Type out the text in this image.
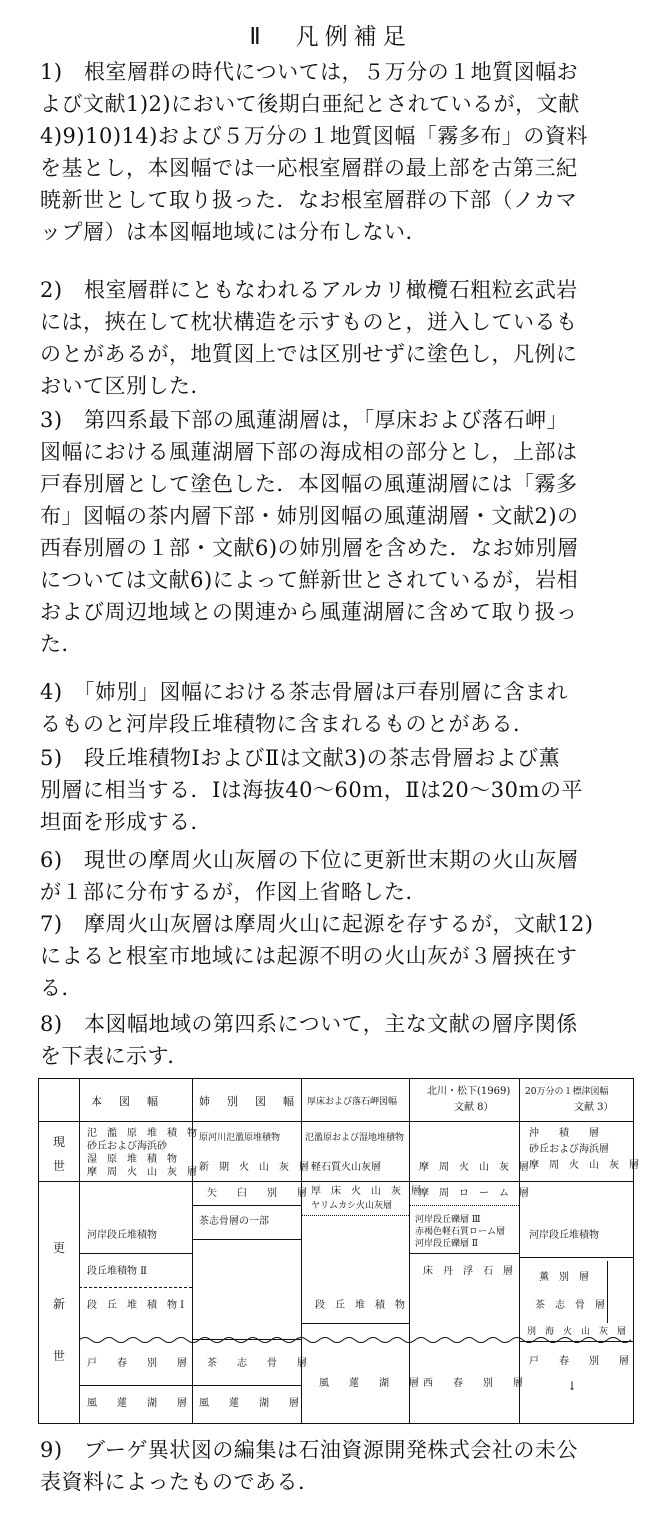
Ⅱ　凡例補足
1)　根室層群の時代については，５万分の１地質図幅お
よび文献1)2)において後期白亜紀とされているが，文献
4)9)10)14)および５万分の１地質図幅「霧多布」の資料
を基とし，本図幅では一応根室層群の最上部を古第三紀
暁新世として取り扱った．なお根室層群の下部（ノカマ
ップ層）は本図幅地域には分布しない．
2)　根室層群にともなわれるアルカリ橄欖石粗粒玄武岩
には，挾在して枕状構造を示すものと，迸入しているも
のとがあるが，地質図上では区別せずに塗色し，凡例に
おいて区別した．
3)　第四系最下部の風蓮湖層は，「厚床および落石岬」
図幅における風蓮湖層下部の海成相の部分とし，上部は
戸春別層として塗色した．本図幅の風蓮湖層には「霧多
布」図幅の茶内層下部・姉別図幅の風蓮湖層・文献2)の
西春別層の１部・文献6)の姉別層を含めた．なお姉別層
については文献6)によって鮮新世とされているが，岩相
および周辺地域との関連から風蓮湖層に含めて取り扱っ
た．
4)　「姉別」図幅における茶志骨層は戸春別層に含まれ
るものと河岸段丘堆積物に含まれるものとがある．
5)　段丘堆積物ⅠおよびⅡは文献3)の茶志骨層および薫
別層に相当する．Ⅰは海抜40～60ｍ，Ⅱは20～30ｍの平
坦面を形成する．
6)　現世の摩周火山灰層の下位に更新世末期の火山灰層
が１部に分布するが，作図上省略した．
7)　摩周火山灰層は摩周火山に起源を存するが，文献12)
によると根室市地域には起源不明の火山灰が３層挾在す
る．
8)　本図幅地域の第四系について，主な文献の層序関係
を下表に示す．
本　図　幅	姉　別　図　幅 厚床および落石岬図幅
北川・松下(1969)
文献 8）
20万分の１標津図幅
文献 3）
現
世
更
新
世
氾　濫　原　堆　積　物
砂丘および海浜砂
湿　原　堆　積　物
摩　周　火　山　灰　層
河岸段丘堆積物
段丘堆積物 Ⅱ
段　丘　堆　積　物 Ⅰ
戸　　春　　別　　層
風　　蓮　　湖　　層
原河川氾濫原堆積物
新　期　火　山　灰　層
矢　　臼　　別　　層
茶志骨層の一部
茶　　志　　骨　　層
風　　蓮　　湖　　層
氾濫原および湿地堆積物
軽石質火山灰層
厚　床　火　山　灰　層
ヤリムカシ火山灰層
段　丘　堆　積　物
風　　蓮　　湖　　層
摩　周　火　山　灰　層
摩　周　ロ　ー　ム　層
河岸段丘礫層 Ⅲ
赤褐色軽石質ローム層
河岸段丘礫層 Ⅱ
床　丹　浮　石　層
西　　春　　別　　層
沖　　積　　層
砂丘および海浜層
摩　周　火　山　灰　層
河岸段丘堆積物
薫　別　層
茶　志　骨　層
別　海　火　山　灰　層
戸　　春　　別　　層
↓
9)　ブーゲ異状図の編集は石油資源開発株式会社の未公
表資料によったものである．
